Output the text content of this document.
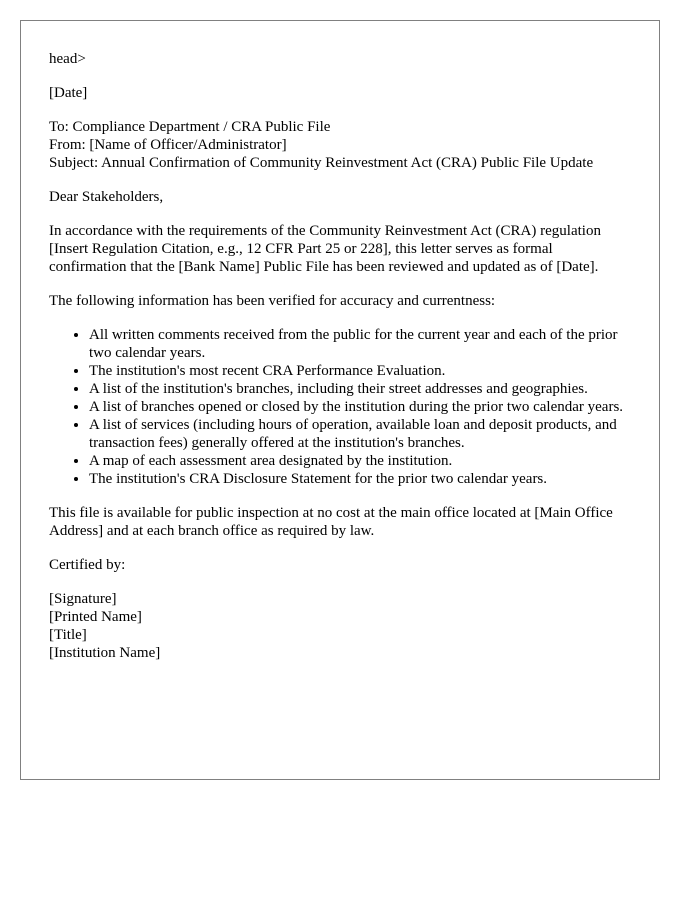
head>

[Date]

To: Compliance Department / CRA Public File
From: [Name of Officer/Administrator]
Subject: Annual Confirmation of Community Reinvestment Act (CRA) Public File Update

Dear Stakeholders,

In accordance with the requirements of the Community Reinvestment Act (CRA) regulation [Insert Regulation Citation, e.g., 12 CFR Part 25 or 228], this letter serves as formal confirmation that the [Bank Name] Public File has been reviewed and updated as of [Date].

The following information has been verified for accuracy and currentness:

• All written comments received from the public for the current year and each of the prior two calendar years.
• The institution's most recent CRA Performance Evaluation.
• A list of the institution's branches, including their street addresses and geographies.
• A list of branches opened or closed by the institution during the prior two calendar years.
• A list of services (including hours of operation, available loan and deposit products, and transaction fees) generally offered at the institution's branches.
• A map of each assessment area designated by the institution.
• The institution's CRA Disclosure Statement for the prior two calendar years.

This file is available for public inspection at no cost at the main office located at [Main Office Address] and at each branch office as required by law.

Certified by:

[Signature]
[Printed Name]
[Title]
[Institution Name]
